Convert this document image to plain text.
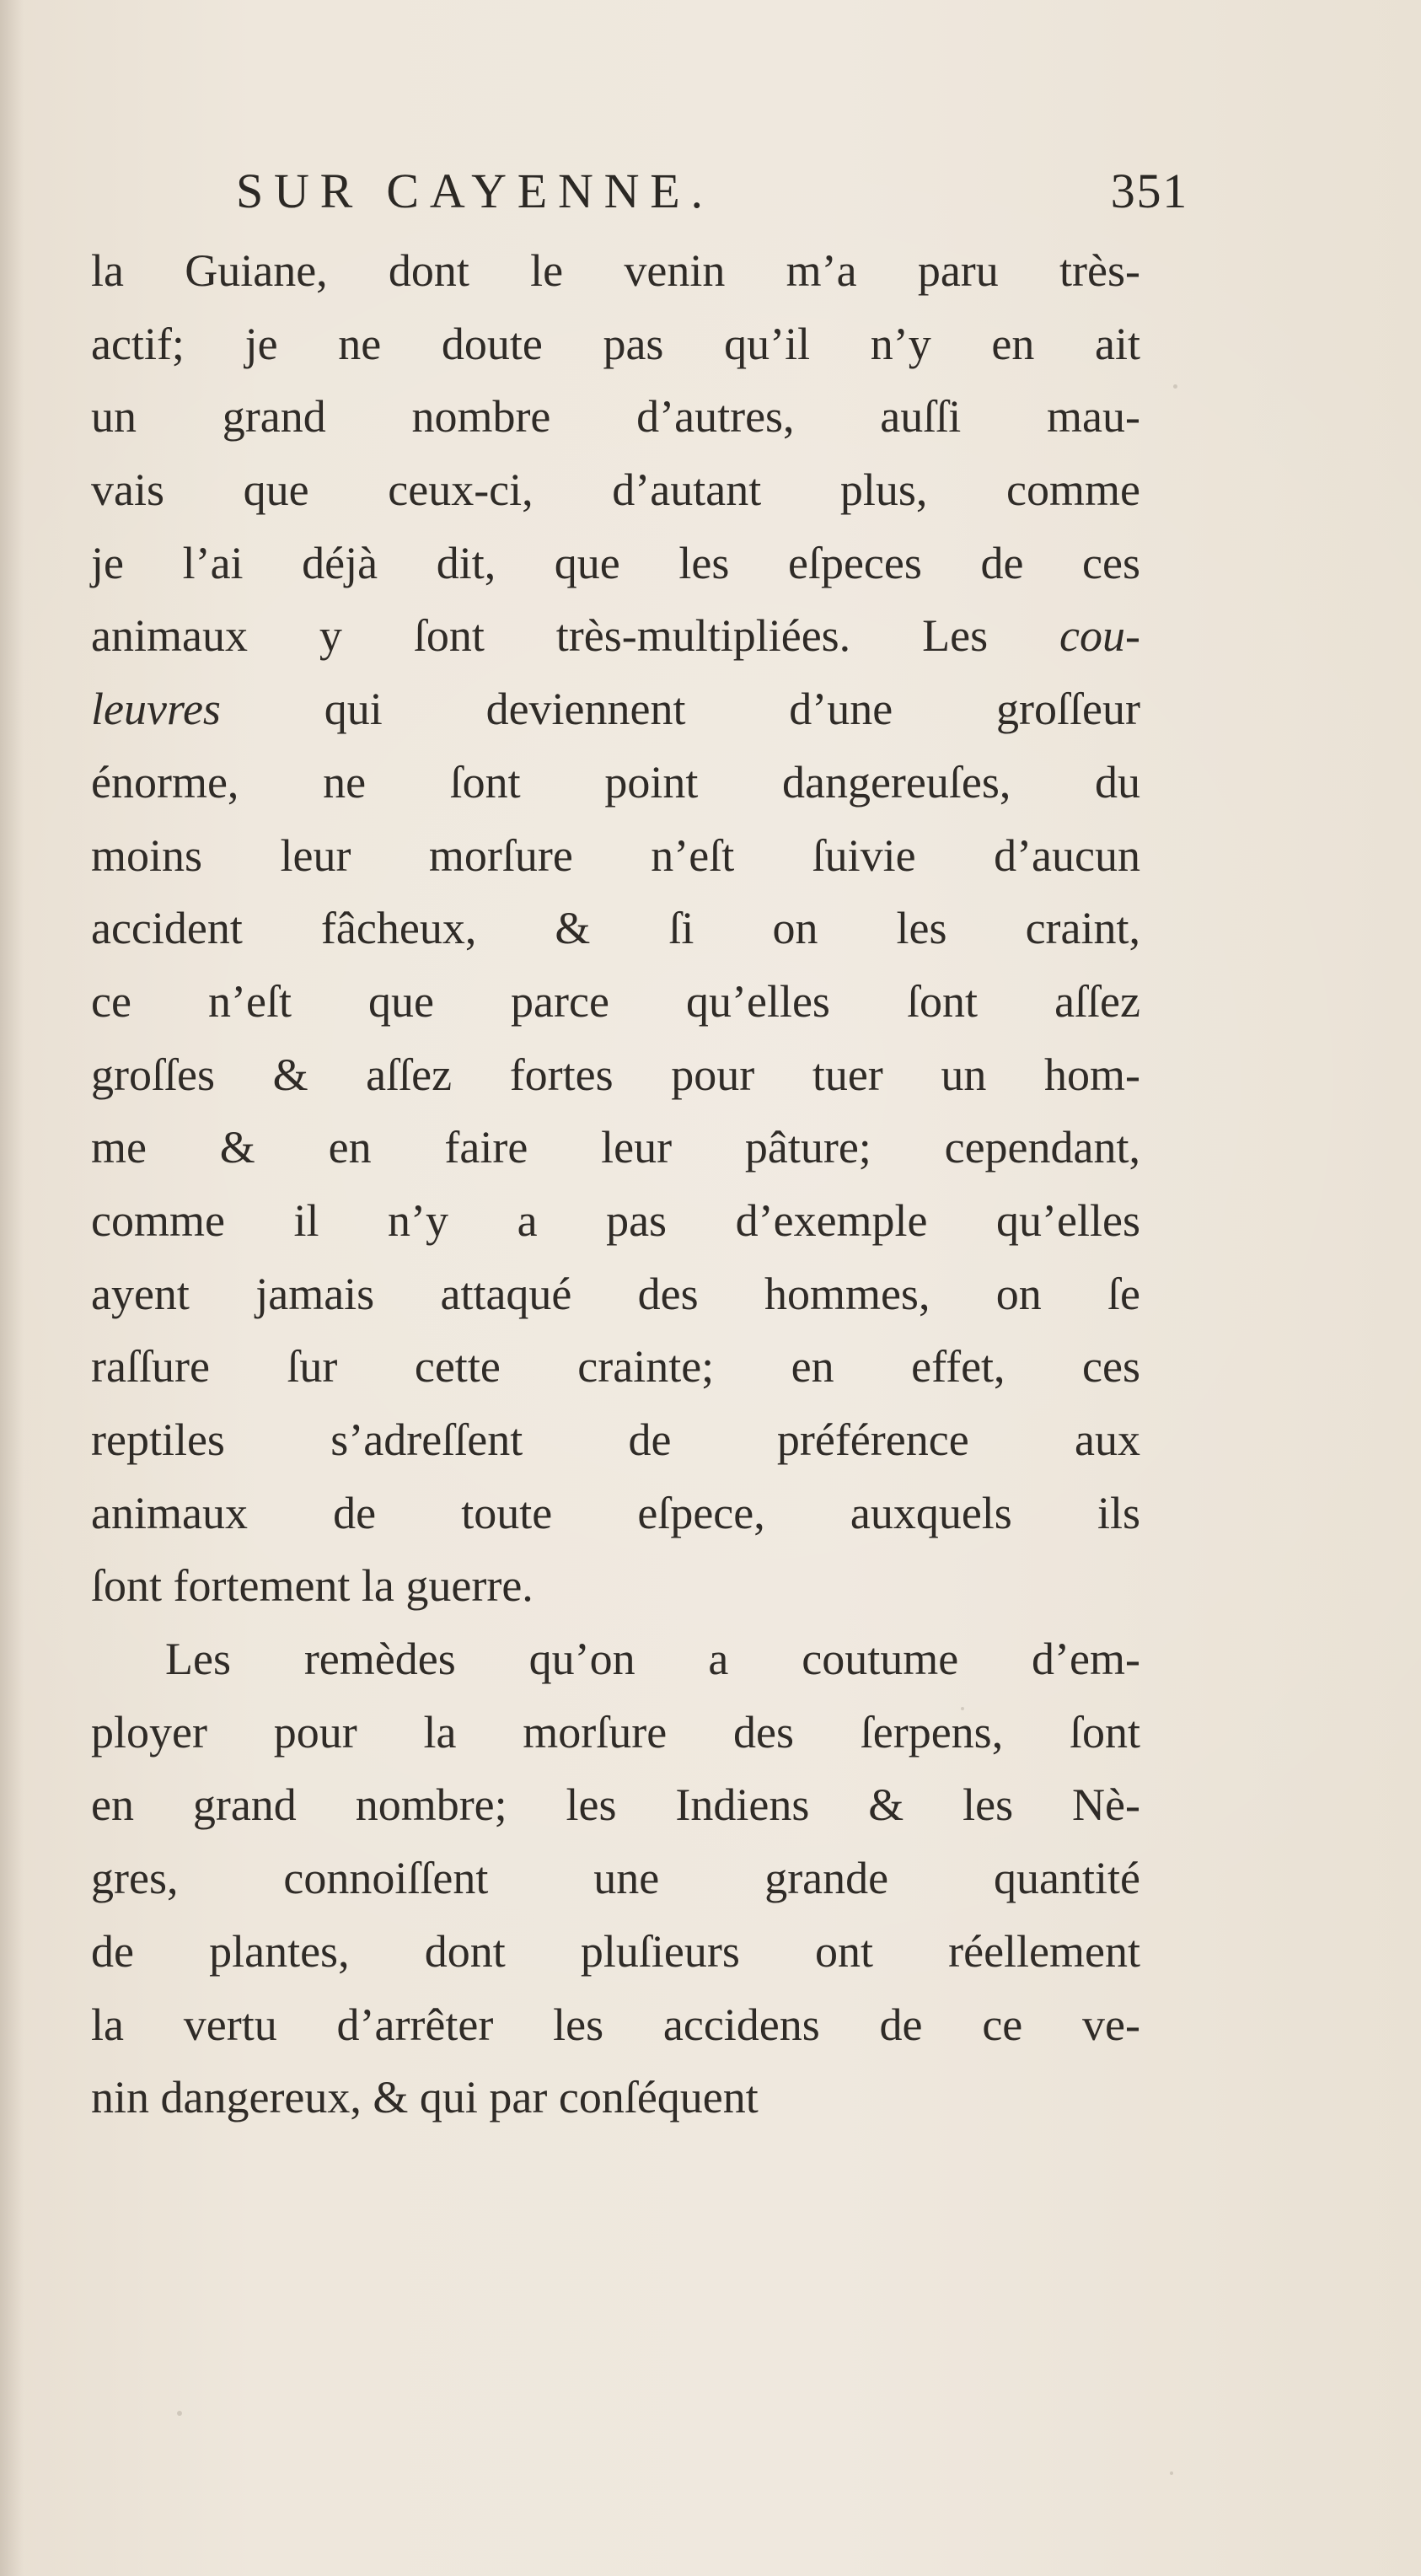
SUR CAYENNE.	351
la Guiane, dont le venin m’a paru très-
actif; je ne doute pas qu’il n’y en ait
un grand nombre d’autres, auſſi mau-
vais que ceux-ci, d’autant plus, comme
je l’ai déjà dit, que les eſpeces de ces
animaux y ſont très-multipliées. Les cou-
leuvres qui deviennent d’une groſſeur
énorme, ne ſont point dangereuſes, du
moins leur morſure n’eſt ſuivie d’aucun
accident fâcheux, & ſi on les craint,
ce n’eſt que parce qu’elles ſont aſſez
groſſes & aſſez fortes pour tuer un hom-
me & en faire leur pâture; cependant,
comme il n’y a pas d’exemple qu’elles
ayent jamais attaqué des hommes, on ſe
raſſure ſur cette crainte; en effet, ces
reptiles s’adreſſent de préférence aux
animaux de toute eſpece, auxquels ils
ſont fortement la guerre.
Les remèdes qu’on a coutume d’em-
ployer pour la morſure des ſerpens, ſont
en grand nombre; les Indiens & les Nè-
gres, connoiſſent une grande quantité
de plantes, dont pluſieurs ont réellement
la vertu d’arrêter les accidens de ce ve-
nin dangereux, & qui par conſéquent
